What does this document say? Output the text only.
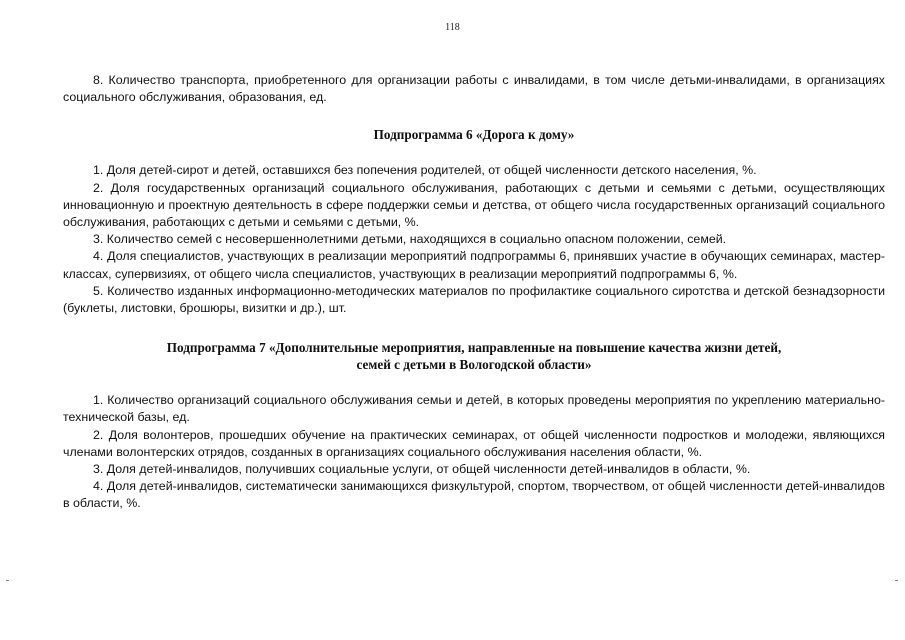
118

8. Количество транспорта, приобретенного для организации работы с инвалидами, в том числе детьми-инвалидами, в организациях социального обслуживания, образования, ед.

Подпрограмма 6 «Дорога к дому»

1. Доля детей-сирот и детей, оставшихся без попечения родителей, от общей численности детского населения, %.

2. Доля государственных организаций социального обслуживания, работающих с детьми и семьями с детьми, осуществляющих инновационную и проектную деятельность в сфере поддержки семьи и детства, от общего числа государственных организаций социального обслуживания, работающих с детьми и семьями с детьми, %.

3. Количество семей с несовершеннолетними детьми, находящихся в социально опасном положении, семей.

4. Доля специалистов, участвующих в реализации мероприятий подпрограммы 6, принявших участие в обучающих семинарах, мастер-классах, супервизиях, от общего числа специалистов, участвующих в реализации мероприятий подпрограммы 6, %.

5. Количество изданных информационно-методических материалов по профилактике социального сиротства и детской безнадзорности (буклеты, листовки, брошюры, визитки и др.), шт.

Подпрограмма 7 «Дополнительные мероприятия, направленные на повышение качества жизни детей,
семей с детьми в Вологодской области»

1. Количество организаций социального обслуживания семьи и детей, в которых проведены мероприятия по укреплению материально-технической базы, ед.

2. Доля волонтеров, прошедших обучение на практических семинарах, от общей численности подростков и молодежи, являющихся членами волонтерских отрядов, созданных в организациях социального обслуживания населения области, %.

3. Доля детей-инвалидов, получивших социальные услуги, от общей численности детей-инвалидов в области, %.

4. Доля детей-инвалидов, систематически занимающихся физкультурой, спортом, творчеством, от общей численности детей-инвалидов в области, %.
